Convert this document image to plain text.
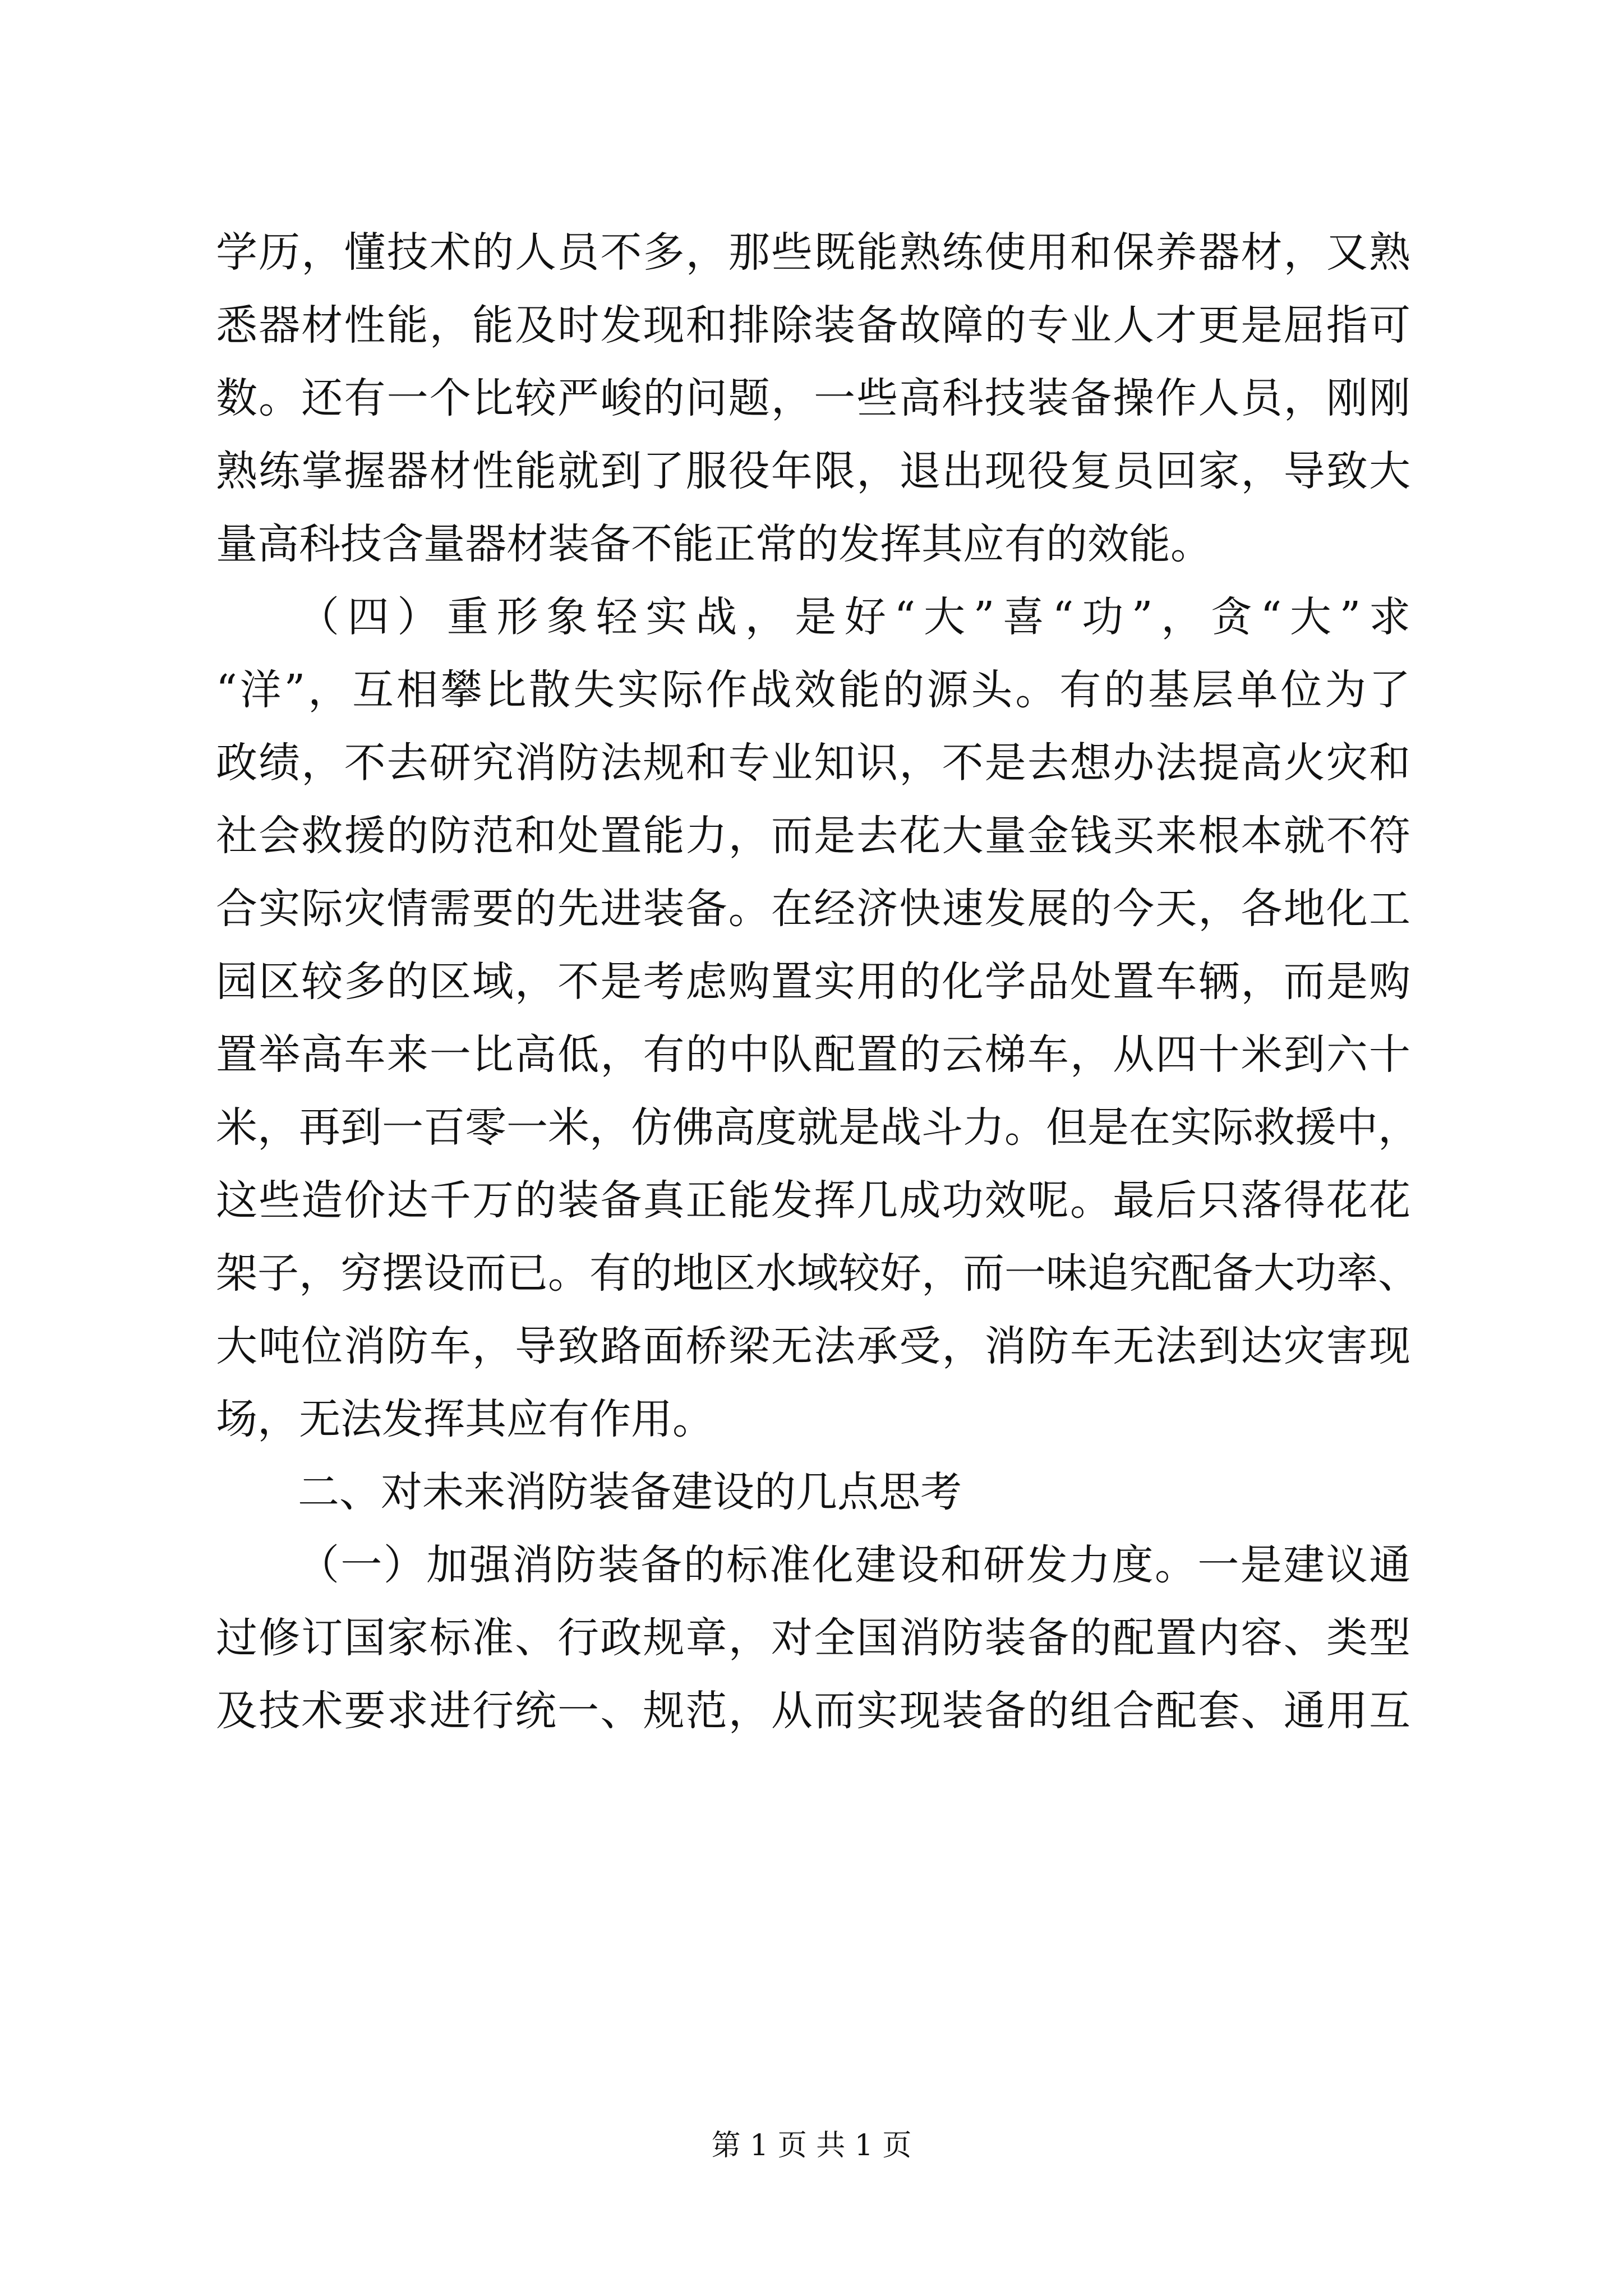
学历，懂技术的人员不多，那些既能熟练使用和保养器材，又熟
悉器材性能，能及时发现和排除装备故障的专业人才更是屈指可
数。还有一个比较严峻的问题，一些高科技装备操作人员，刚刚
熟练掌握器材性能就到了服役年限，退出现役复员回家，导致大
量高科技含量器材装备不能正常的发挥其应有的效能。
（四）重形象轻实战，是好“大”喜“功”，贪“大”求
“洋”，互相攀比散失实际作战效能的源头。有的基层单位为了
政绩，不去研究消防法规和专业知识，不是去想办法提高火灾和
社会救援的防范和处置能力，而是去花大量金钱买来根本就不符
合实际灾情需要的先进装备。在经济快速发展的今天，各地化工
园区较多的区域，不是考虑购置实用的化学品处置车辆，而是购
置举高车来一比高低，有的中队配置的云梯车，从四十米到六十
米，再到一百零一米，仿佛高度就是战斗力。但是在实际救援中，
这些造价达千万的装备真正能发挥几成功效呢。最后只落得花花
架子，穷摆设而已。有的地区水域较好，而一味追究配备大功率、
大吨位消防车，导致路面桥梁无法承受，消防车无法到达灾害现
场，无法发挥其应有作用。
二、对未来消防装备建设的几点思考
（一）加强消防装备的标准化建设和研发力度。一是建议通
过修订国家标准、行政规章，对全国消防装备的配置内容、类型
及技术要求进行统一、规范，从而实现装备的组合配套、通用互
第 1 页 共 1 页
